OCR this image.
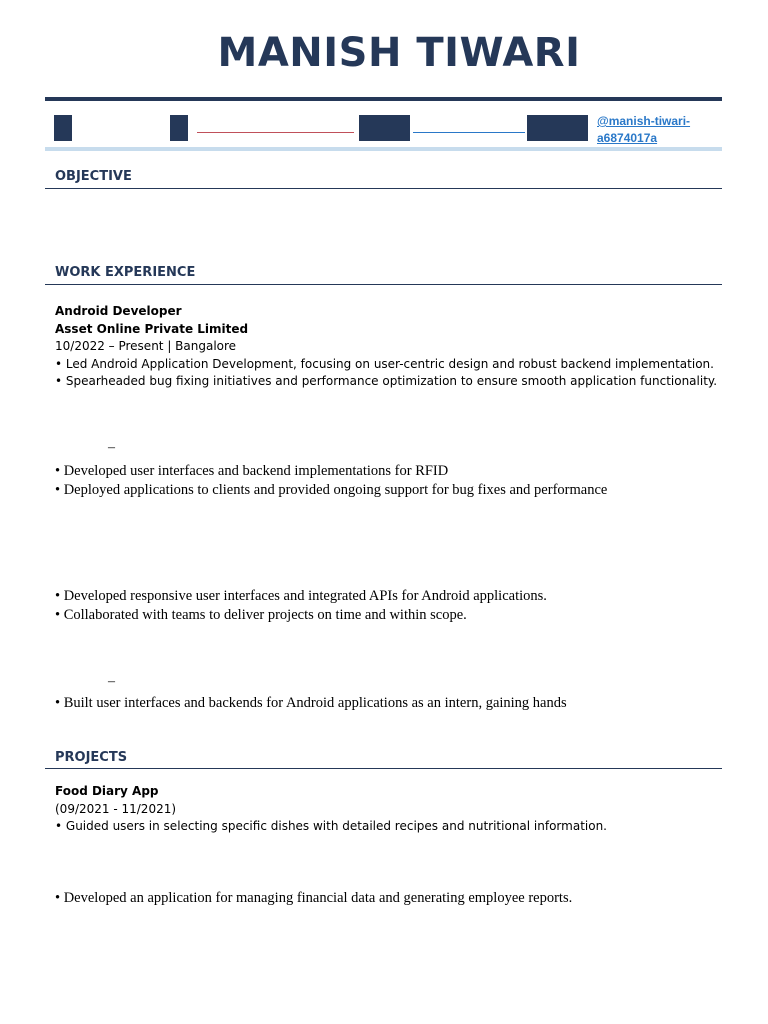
MANISH TIWARI
@manish-tiwari-a6874017a
OBJECTIVE
WORK EXPERIENCE
Android Developer
Asset Online Private Limited
10/2022 – Present | Bangalore
• Led Android Application Development, focusing on user-centric design and robust backend implementation.
• Spearheaded bug fixing initiatives and performance optimization to ensure smooth application functionality.
–
• Developed user interfaces and backend implementations for RFID
• Deployed applications to clients and provided ongoing support for bug fixes and performance
• Developed responsive user interfaces and integrated APIs for Android applications.
• Collaborated with teams to deliver projects on time and within scope.
–
• Built user interfaces and backends for Android applications as an intern, gaining hands
PROJECTS
Food Diary App
(09/2021 - 11/2021)
• Guided users in selecting specific dishes with detailed recipes and nutritional information.
• Developed an application for managing financial data and generating employee reports.
